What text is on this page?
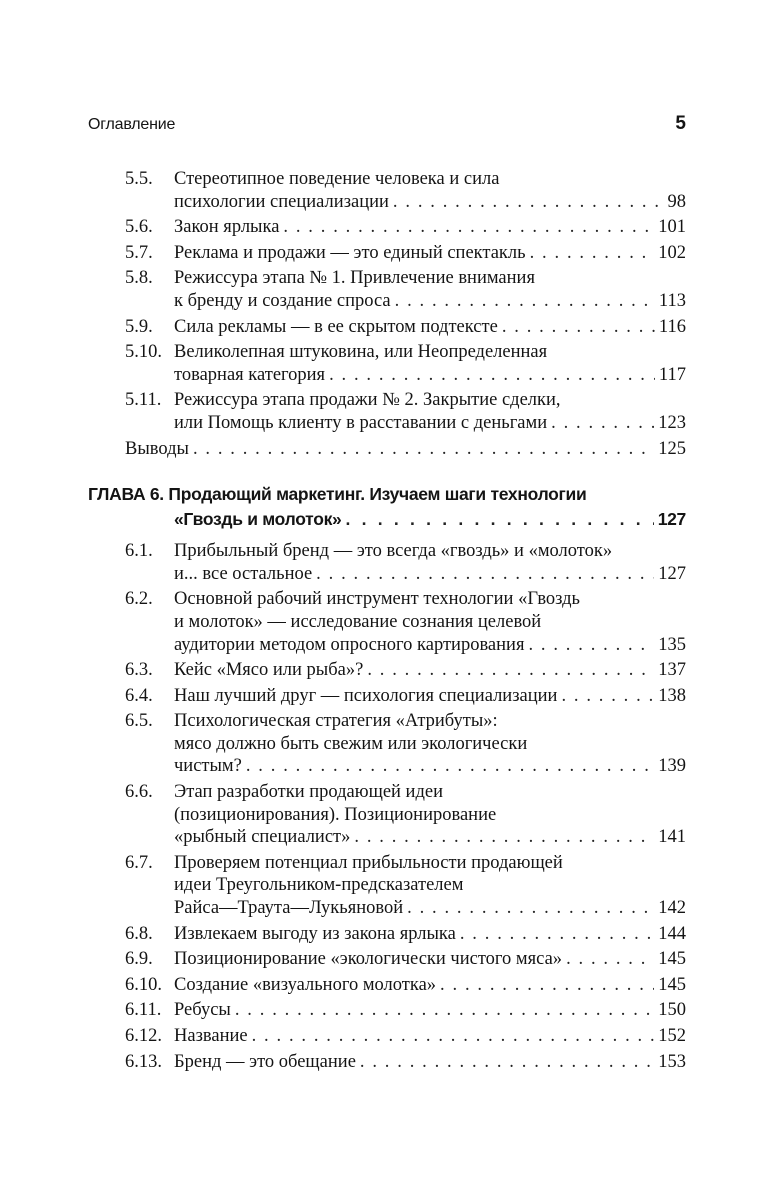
Оглавление	5
5.5. Стереотипное поведение человека и сила
психологии специализации . . .	98
5.6. Закон ярлыка . . .	101
5.7. Реклама и продажи — это единый спектакль . . .	102
5.8. Режиссура этапа № 1. Привлечение внимания
к бренду и создание спроса . . .	113
5.9. Сила рекламы — в ее скрытом подтексте . . .	116
5.10. Великолепная штуковина, или Неопределенная
товарная категория . . .	117
5.11. Режиссура этапа продажи № 2. Закрытие сделки,
или Помощь клиенту в расставании с деньгами . . .	123
Выводы . . .	125
ГЛАВА 6. Продающий маркетинг. Изучаем шаги технологии
«Гвоздь и молоток» . . .	127
6.1. Прибыльный бренд — это всегда «гвоздь» и «молоток»
и... все остальное . . .	127
6.2. Основной рабочий инструмент технологии «Гвоздь
и молоток» — исследование сознания целевой
аудитории методом опросного картирования . . .	135
6.3. Кейс «Мясо или рыба»? . . .	137
6.4. Наш лучший друг — психология специализации . . .	138
6.5. Психологическая стратегия «Атрибуты»:
мясо должно быть свежим или экологически
чистым? . . .	139
6.6. Этап разработки продающей идеи
(позиционирования). Позиционирование
«рыбный специалист» . . .	141
6.7. Проверяем потенциал прибыльности продающей
идеи Треугольником-предсказателем
Райса—Траута—Лукьяновой . . .	142
6.8. Извлекаем выгоду из закона ярлыка . . .	144
6.9. Позиционирование «экологически чистого мяса» . . .	145
6.10. Создание «визуального молотка» . . .	145
6.11. Ребусы . . .	150
6.12. Название . . .	152
6.13. Бренд — это обещание . . .	153
